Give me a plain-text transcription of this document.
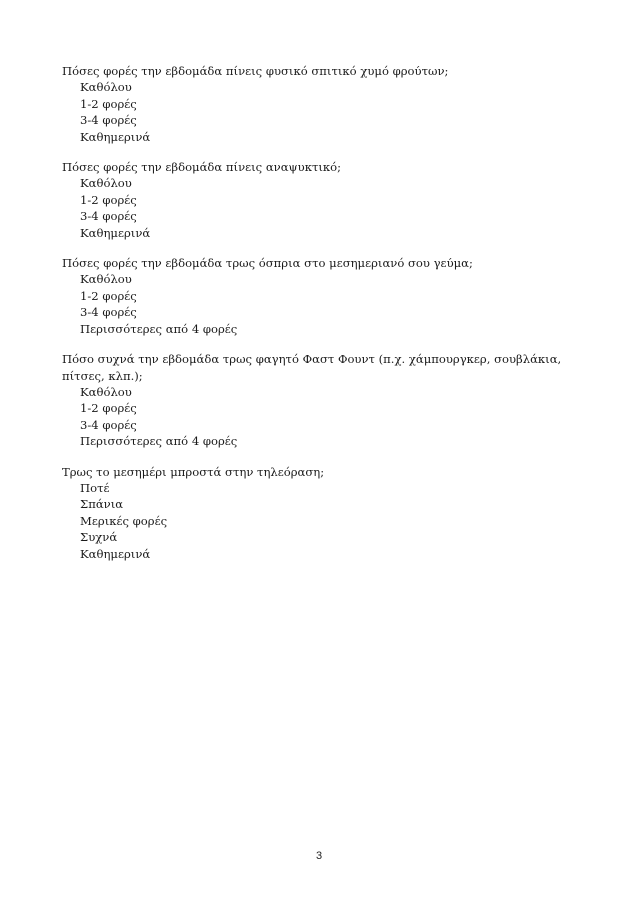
Πόσες φορές την εβδομάδα πίνεις φυσικό σπιτικό χυμό φρούτων;

Καθόλου
1-2 φορές
3-4 φορές
Καθημερινά

Πόσες φορές την εβδομάδα πίνεις αναψυκτικό;

Καθόλου
1-2 φορές
3-4 φορές
Καθημερινά

Πόσες φορές την εβδομάδα τρως όσπρια στο μεσημεριανό σου γεύμα;

Καθόλου
1-2 φορές
3-4 φορές
Περισσότερες από 4 φορές

Πόσο συχνά την εβδομάδα τρως φαγητό Φαστ Φουντ (π.χ. χάμπουργκερ, σουβλάκια, πίτσες, κλπ.);

Καθόλου
1-2 φορές
3-4 φορές
Περισσότερες από 4 φορές

Τρως το μεσημέρι μπροστά στην τηλεόραση;

Ποτέ
Σπάνια
Μερικές φορές
Συχνά
Καθημερινά
3
